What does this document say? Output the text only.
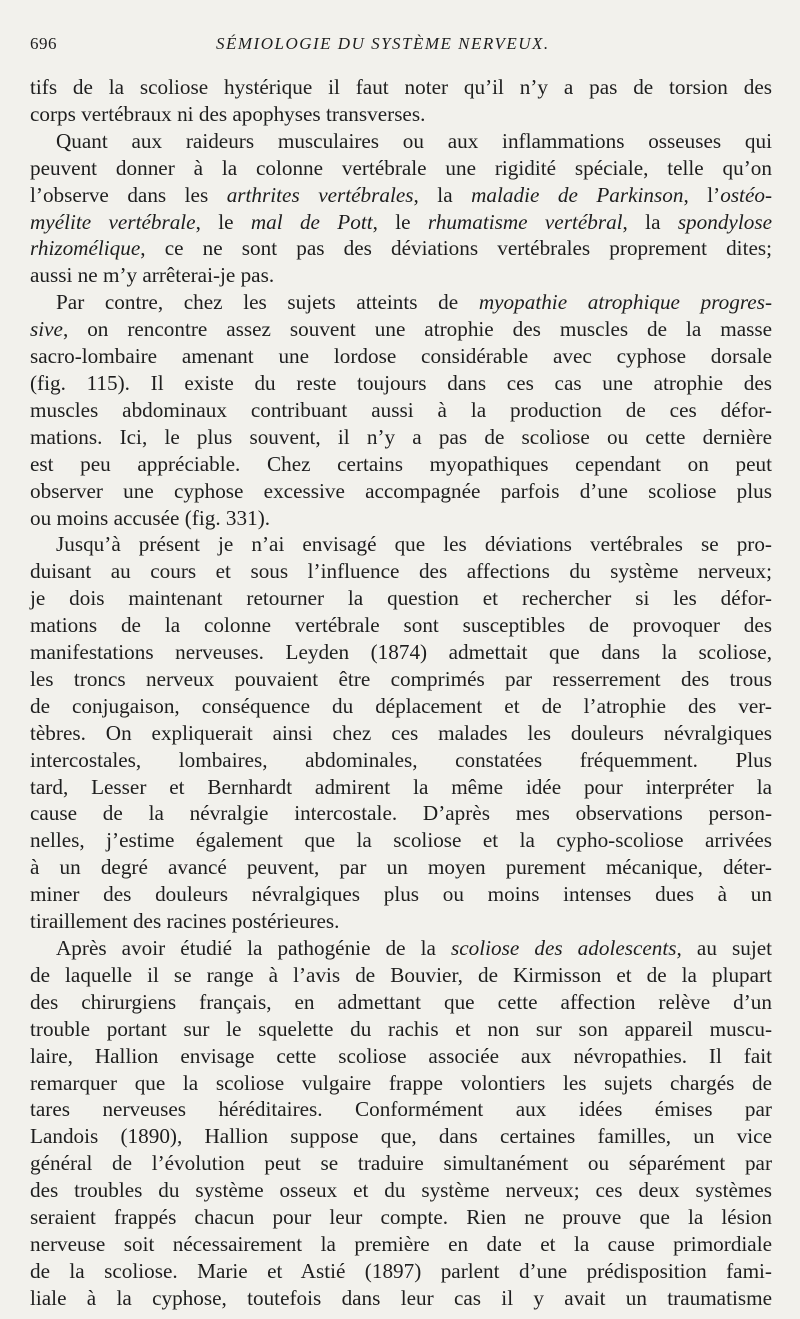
696	SÉMIOLOGIE DU SYSTÈME NERVEUX.
tifs de la scoliose hystérique il faut noter qu’il n’y a pas de torsion des
corps vertébraux ni des apophyses transverses.
Quant aux raideurs musculaires ou aux inflammations osseuses qui
peuvent donner à la colonne vertébrale une rigidité spéciale, telle qu’on
l’observe dans les arthrites vertébrales, la maladie de Parkinson, l’ostéo-
myélite vertébrale, le mal de Pott, le rhumatisme vertébral, la spondylose
rhizomélique, ce ne sont pas des déviations vertébrales proprement dites;
aussi ne m’y arrêterai-je pas.
Par contre, chez les sujets atteints de myopathie atrophique progres-
sive, on rencontre assez souvent une atrophie des muscles de la masse
sacro-lombaire amenant une lordose considérable avec cyphose dorsale
(fig. 115). Il existe du reste toujours dans ces cas une atrophie des
muscles abdominaux contribuant aussi à la production de ces défor-
mations. Ici, le plus souvent, il n’y a pas de scoliose ou cette dernière
est peu appréciable. Chez certains myopathiques cependant on peut
observer une cyphose excessive accompagnée parfois d’une scoliose plus
ou moins accusée (fig. 331).
Jusqu’à présent je n’ai envisagé que les déviations vertébrales se pro-
duisant au cours et sous l’influence des affections du système nerveux;
je dois maintenant retourner la question et rechercher si les défor-
mations de la colonne vertébrale sont susceptibles de provoquer des
manifestations nerveuses. Leyden (1874) admettait que dans la scoliose,
les troncs nerveux pouvaient être comprimés par resserrement des trous
de conjugaison, conséquence du déplacement et de l’atrophie des ver-
tèbres. On expliquerait ainsi chez ces malades les douleurs névralgiques
intercostales, lombaires, abdominales, constatées fréquemment. Plus
tard, Lesser et Bernhardt admirent la même idée pour interpréter la
cause de la névralgie intercostale. D’après mes observations person-
nelles, j’estime également que la scoliose et la cypho-scoliose arrivées
à un degré avancé peuvent, par un moyen purement mécanique, déter-
miner des douleurs névralgiques plus ou moins intenses dues à un
tiraillement des racines postérieures.
Après avoir étudié la pathogénie de la scoliose des adolescents, au sujet
de laquelle il se range à l’avis de Bouvier, de Kirmisson et de la plupart
des chirurgiens français, en admettant que cette affection relève d’un
trouble portant sur le squelette du rachis et non sur son appareil muscu-
laire, Hallion envisage cette scoliose associée aux névropathies. Il fait
remarquer que la scoliose vulgaire frappe volontiers les sujets chargés de
tares nerveuses héréditaires. Conformément aux idées émises par
Landois (1890), Hallion suppose que, dans certaines familles, un vice
général de l’évolution peut se traduire simultanément ou séparément par
des troubles du système osseux et du système nerveux; ces deux systèmes
seraient frappés chacun pour leur compte. Rien ne prouve que la lésion
nerveuse soit nécessairement la première en date et la cause primordiale
de la scoliose. Marie et Astié (1897) parlent d’une prédisposition fami-
liale à la cyphose, toutefois dans leur cas il y avait un traumatisme
